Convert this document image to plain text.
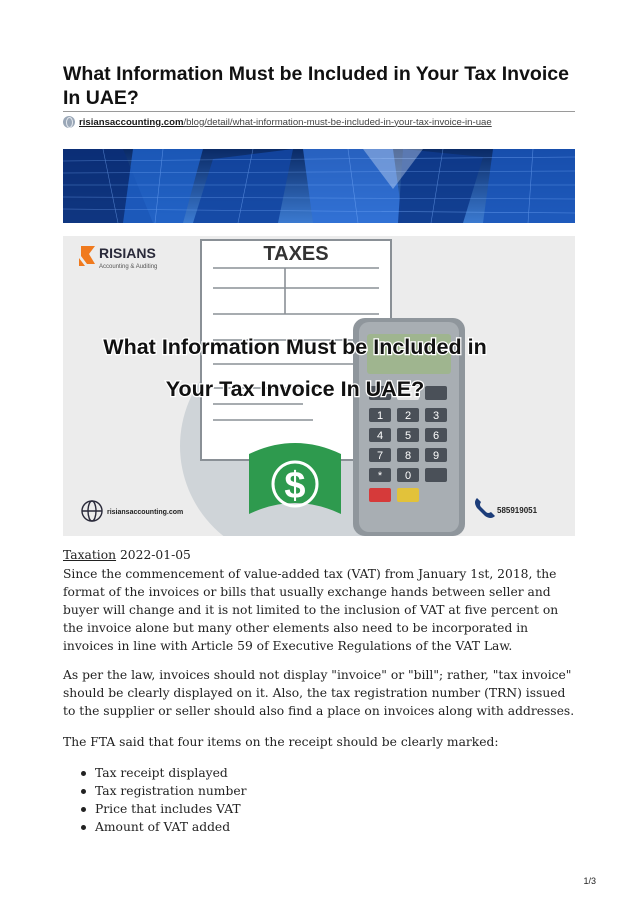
What Information Must be Included in Your Tax Invoice In UAE?
risiansaccounting.com /blog/detail/what-information-must-be-included-in-your-tax-invoice-in-uae
TAXES
$
1 2 3
4 5 6
7 8 9
* 0
RISIANS
Accounting & Auditing
What Information Must be Included in
Your Tax Invoice In UAE?
risiansaccounting.com	585919051
Taxation 2022-01-05

Since the commencement of value-added tax (VAT) from January 1st, 2018, the format of the invoices or bills that usually exchange hands between seller and buyer will change and it is not limited to the inclusion of VAT at five percent on the invoice alone but many other elements also need to be incorporated in invoices in line with Article 59 of Executive Regulations of the VAT Law.

As per the law, invoices should not display "invoice" or "bill"; rather, "tax invoice" should be clearly displayed on it. Also, the tax registration number (TRN) issued to the supplier or seller should also find a place on invoices along with addresses.

The FTA said that four items on the receipt should be clearly marked:

Tax receipt displayed
Tax registration number
Price that includes VAT
Amount of VAT added
1/3
